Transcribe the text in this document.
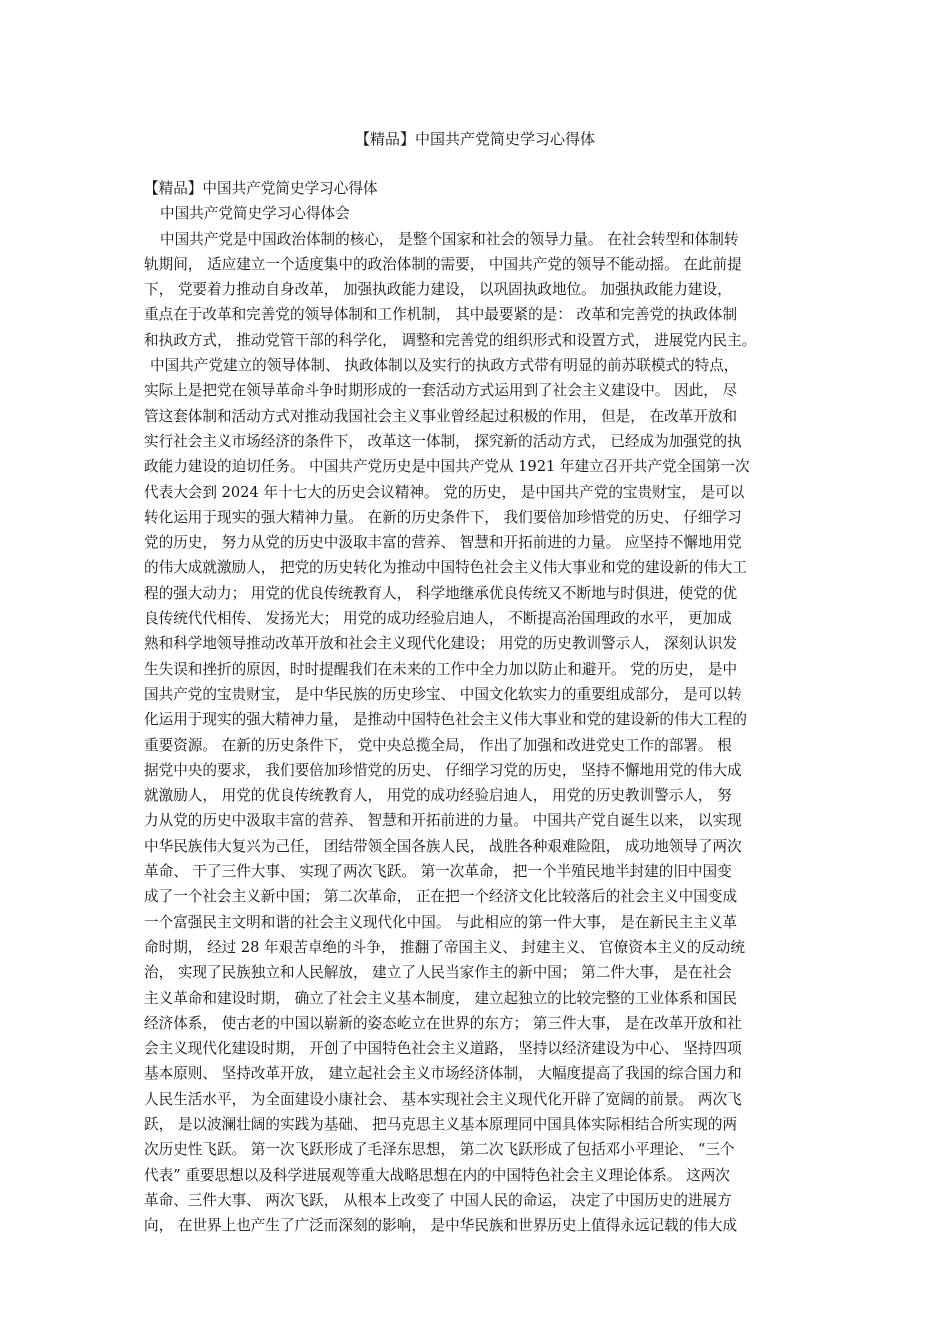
【精品】中国共产党简史学习心得体
【精品】中国共产党简史学习心得体
中国共产党简史学习心得体会
中国共产党是中国政治体制的核心， 是整个国家和社会的领导力量。 在社会转型和体制转
轨期间， 适应建立一个适度集中的政治体制的需要， 中国共产党的领导不能动摇。 在此前提
下， 党要着力推动自身改革， 加强执政能力建设， 以巩固执政地位。 加强执政能力建设，
重点在于改革和完善党的领导体制和工作机制， 其中最要紧的是： 改革和完善党的执政体制
和执政方式， 推动党管干部的科学化， 调整和完善党的组织形式和设置方式， 进展党内民主。
中国共产党建立的领导体制、 执政体制以及实行的执政方式带有明显的前苏联模式的特点，
实际上是把党在领导革命斗争时期形成的一套活动方式运用到了社会主义建设中。 因此， 尽
管这套体制和活动方式对推动我国社会主义事业曾经起过积极的作用， 但是， 在改革开放和
实行社会主义市场经济的条件下， 改革这一体制， 探究新的活动方式， 已经成为加强党的执
政能力建设的迫切任务。 中国共产党历史是中国共产党从 1921 年建立召开共产党全国第一次
代表大会到 2024 年十七大的历史会议精神。 党的历史， 是中国共产党的宝贵财宝， 是可以
转化运用于现实的强大精神力量。 在新的历史条件下， 我们要倍加珍惜党的历史、 仔细学习
党的历史， 努力从党的历史中汲取丰富的营养、 智慧和开拓前进的力量。 应坚持不懈地用党
的伟大成就激励人， 把党的历史转化为推动中国特色社会主义伟大事业和党的建设新的伟大工
程的强大动力； 用党的优良传统教育人， 科学地继承优良传统又不断地与时俱进，使党的优
良传统代代相传、 发扬光大； 用党的成功经验启迪人， 不断提高治国理政的水平， 更加成
熟和科学地领导推动改革开放和社会主义现代化建设； 用党的历史教训警示人， 深刻认识发
生失误和挫折的原因，时时提醒我们在未来的工作中全力加以防止和避开。 党的历史， 是中
国共产党的宝贵财宝， 是中华民族的历史珍宝、 中国文化软实力的重要组成部分， 是可以转
化运用于现实的强大精神力量， 是推动中国特色社会主义伟大事业和党的建设新的伟大工程的
重要资源。 在新的历史条件下， 党中央总揽全局， 作出了加强和改进党史工作的部署。 根
据党中央的要求， 我们要倍加珍惜党的历史、 仔细学习党的历史， 坚持不懈地用党的伟大成
就激励人， 用党的优良传统教育人， 用党的成功经验启迪人， 用党的历史教训警示人， 努
力从党的历史中汲取丰富的营养、 智慧和开拓前进的力量。 中国共产党自诞生以来， 以实现
中华民族伟大复兴为己任， 团结带领全国各族人民， 战胜各种艰难险阻， 成功地领导了两次
革命、 干了三件大事、 实现了两次飞跃。 第一次革命， 把一个半殖民地半封建的旧中国变
成了一个社会主义新中国； 第二次革命， 正在把一个经济文化比较落后的社会主义中国变成
一个富强民主文明和谐的社会主义现代化中国。 与此相应的第一件大事， 是在新民主主义革
命时期， 经过 28 年艰苦卓绝的斗争， 推翻了帝国主义、 封建主义、 官僚资本主义的反动统
治， 实现了民族独立和人民解放， 建立了人民当家作主的新中国； 第二件大事， 是在社会
主义革命和建设时期， 确立了社会主义基本制度， 建立起独立的比较完整的工业体系和国民
经济体系， 使古老的中国以崭新的姿态屹立在世界的东方； 第三件大事， 是在改革开放和社
会主义现代化建设时期， 开创了中国特色社会主义道路， 坚持以经济建设为中心、 坚持四项
基本原则、 坚持改革开放， 建立起社会主义市场经济体制， 大幅度提高了我国的综合国力和
人民生活水平， 为全面建设小康社会、 基本实现社会主义现代化开辟了宽阔的前景。 两次飞
跃， 是以波澜壮阔的实践为基础、 把马克思主义基本原理同中国具体实际相结合所实现的两
次历史性飞跃。 第一次飞跃形成了毛泽东思想， 第二次飞跃形成了包括邓小平理论、 “三个
代表” 重要思想以及科学进展观等重大战略思想在内的中国特色社会主义理论体系。 这两次
革命、三件大事、 两次飞跃， 从根本上改变了 中国人民的命运， 决定了中国历史的进展方
向， 在世界上也产生了广泛而深刻的影响， 是中华民族和世界历史上值得永远记载的伟大成
